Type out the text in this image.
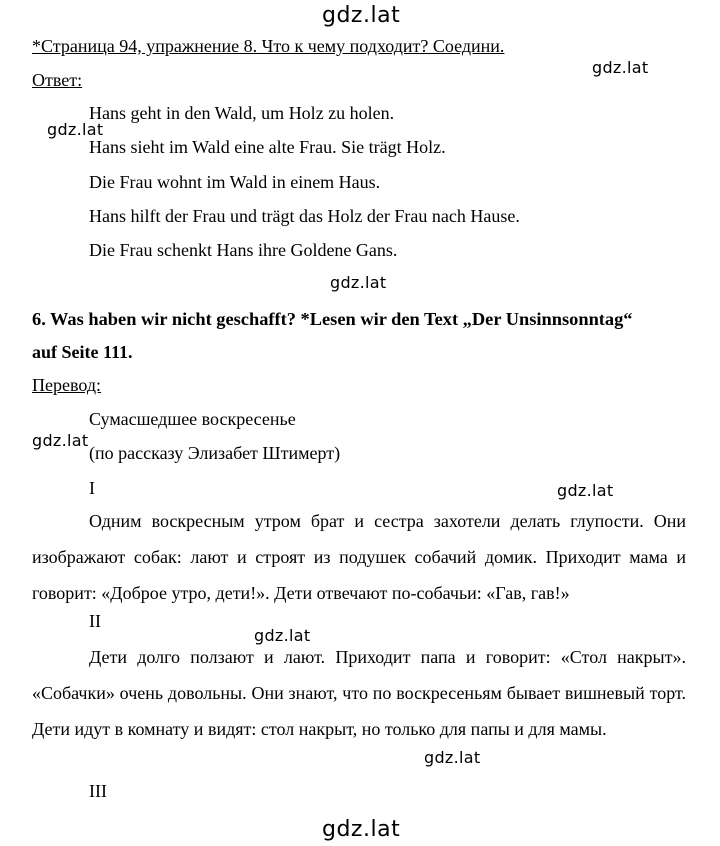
gdz.lat
gdz.lat
gdz.lat
gdz.lat
gdz.lat
gdz.lat
gdz.lat
gdz.lat
gdz.lat
*Страница 94, упражнение 8. Что к чему подходит? Соедини.
Ответ:
Hans geht in den Wald, um Holz zu holen.
Hans sieht im Wald eine alte Frau. Sie trägt Holz.
Die Frau wohnt im Wald in einem Haus.
Hans hilft der Frau und trägt das Holz der Frau nach Hause.
Die Frau schenkt Hans ihre Goldene Gans.
6. Was haben wir nicht geschafft? *Lesen wir den Text „Der Unsinnsonntag“
auf Seite 111.
Перевод:
Сумасшедшее воскресенье
(по рассказу Элизабет Штимерт)
I
Одним воскресным утром брат и сестра захотели делать глупости. Они изображают собак: лают и строят из подушек собачий домик. Приходит мама и говорит: «Доброе утро, дети!». Дети отвечают по-собачьи: «Гав, гав!»
II
Дети долго ползают и лают. Приходит папа и говорит: «Стол накрыт». «Собачки» очень довольны. Они знают, что по воскресеньям бывает вишневый торт. Дети идут в комнату и видят: стол накрыт, но только для папы и для мамы.
III
